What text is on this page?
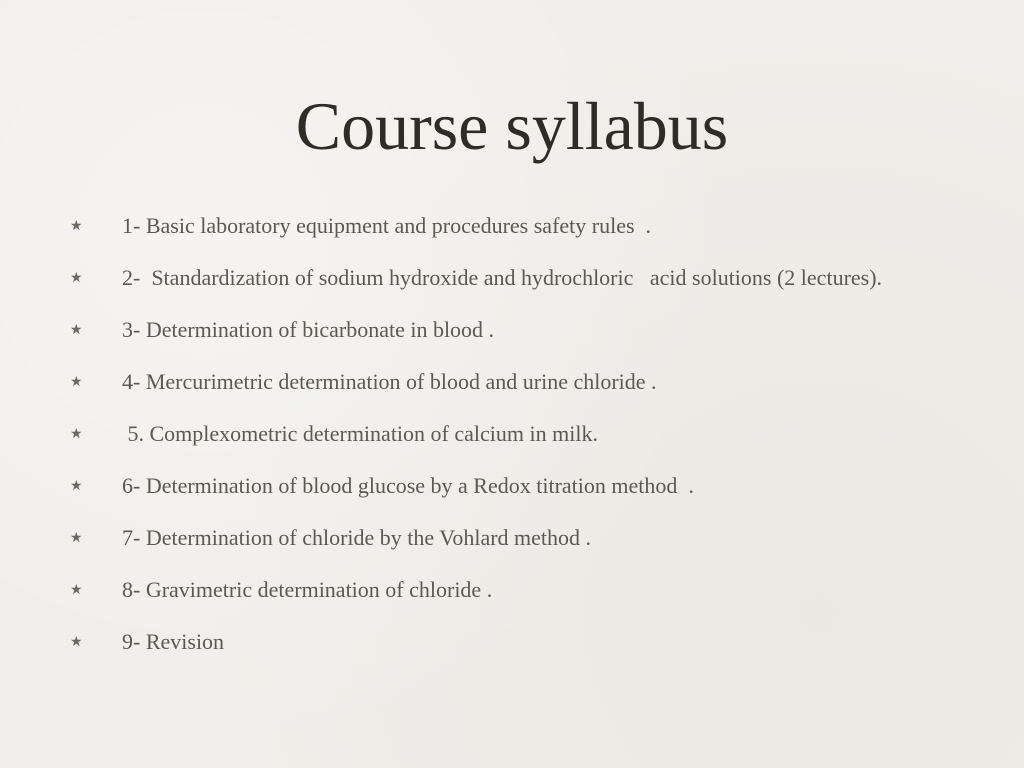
Course syllabus
★	1- Basic laboratory equipment and procedures safety rules  .
★	2-  Standardization of sodium hydroxide and hydrochloric   acid solutions (2 lectures).
★	3- Determination of bicarbonate in blood .
★	4- Mercurimetric determination of blood and urine chloride .
★	5. Complexometric determination of calcium in milk.
★	6- Determination of blood glucose by a Redox titration method  .
★	7- Determination of chloride by the Vohlard method .
★	8- Gravimetric determination of chloride .
★	9- Revision
